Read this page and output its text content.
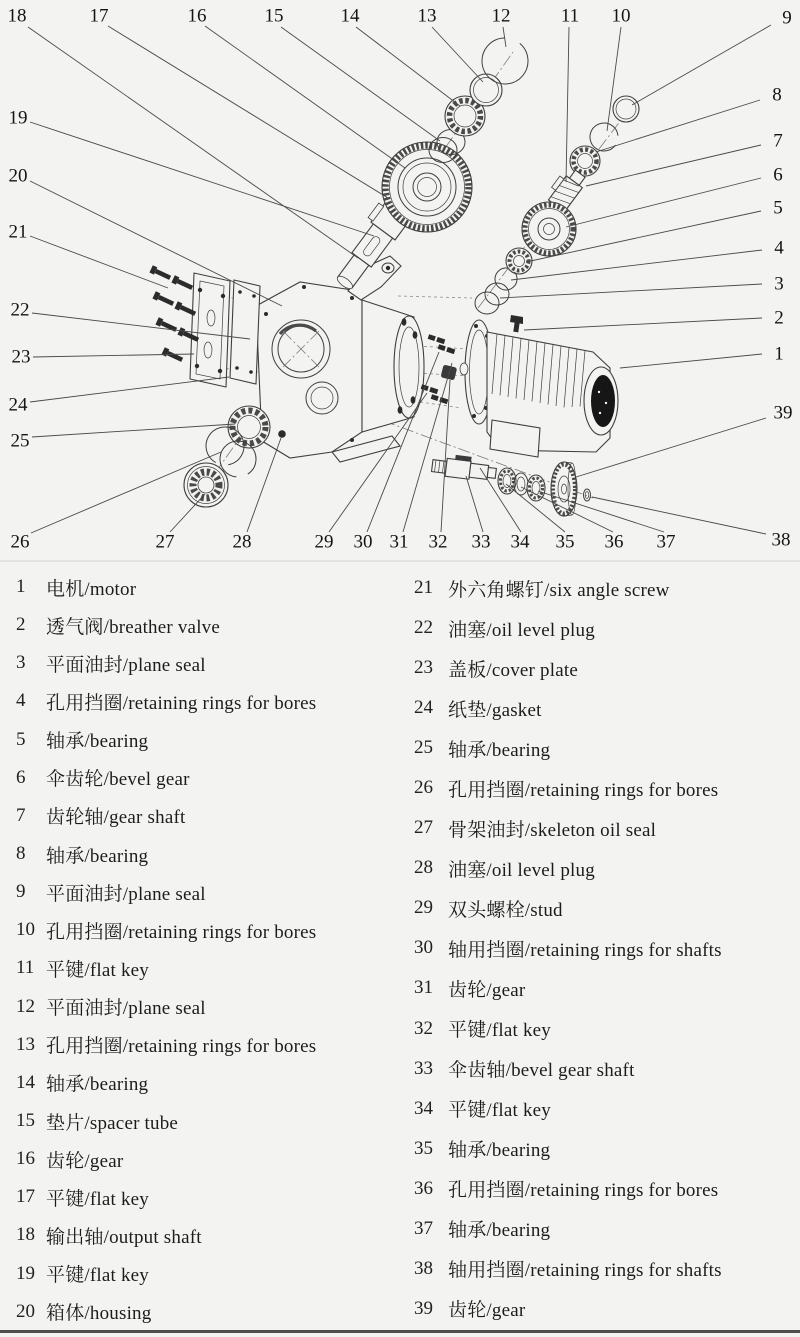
1
2
3
4
5
6
7
8
9
10
11
12
13
14
15
16
17
18
19
20
21
22
23
24
25
26	27	28	29 30 31 32 33 34 35 36 37	38
39
1	电机/motor
2	透气阀/breather valve
3	平面油封/plane seal
4	孔用挡圈/retaining rings for bores
5	轴承/bearing
6	伞齿轮/bevel gear
7	齿轮轴/gear shaft
8	轴承/bearing
9	平面油封/plane seal
10 孔用挡圈/retaining rings for bores
11 平键/flat key
12 平面油封/plane seal
13 孔用挡圈/retaining rings for bores
14 轴承/bearing
15 垫片/spacer tube
16 齿轮/gear
17 平键/flat key
18 输出轴/output shaft
19 平键/flat key
20 箱体/housing
21 外六角螺钉/six angle screw
22 油塞/oil level plug
23 盖板/cover plate
24 纸垫/gasket
25 轴承/bearing
26 孔用挡圈/retaining rings for bores
27 骨架油封/skeleton oil seal
28 油塞/oil level plug
29 双头螺栓/stud
30 轴用挡圈/retaining rings for shafts
31 齿轮/gear
32 平键/flat key
33 伞齿轴/bevel gear shaft
34 平键/flat key
35 轴承/bearing
36 孔用挡圈/retaining rings for bores
37 轴承/bearing
38 轴用挡圈/retaining rings for shafts
39 齿轮/gear
